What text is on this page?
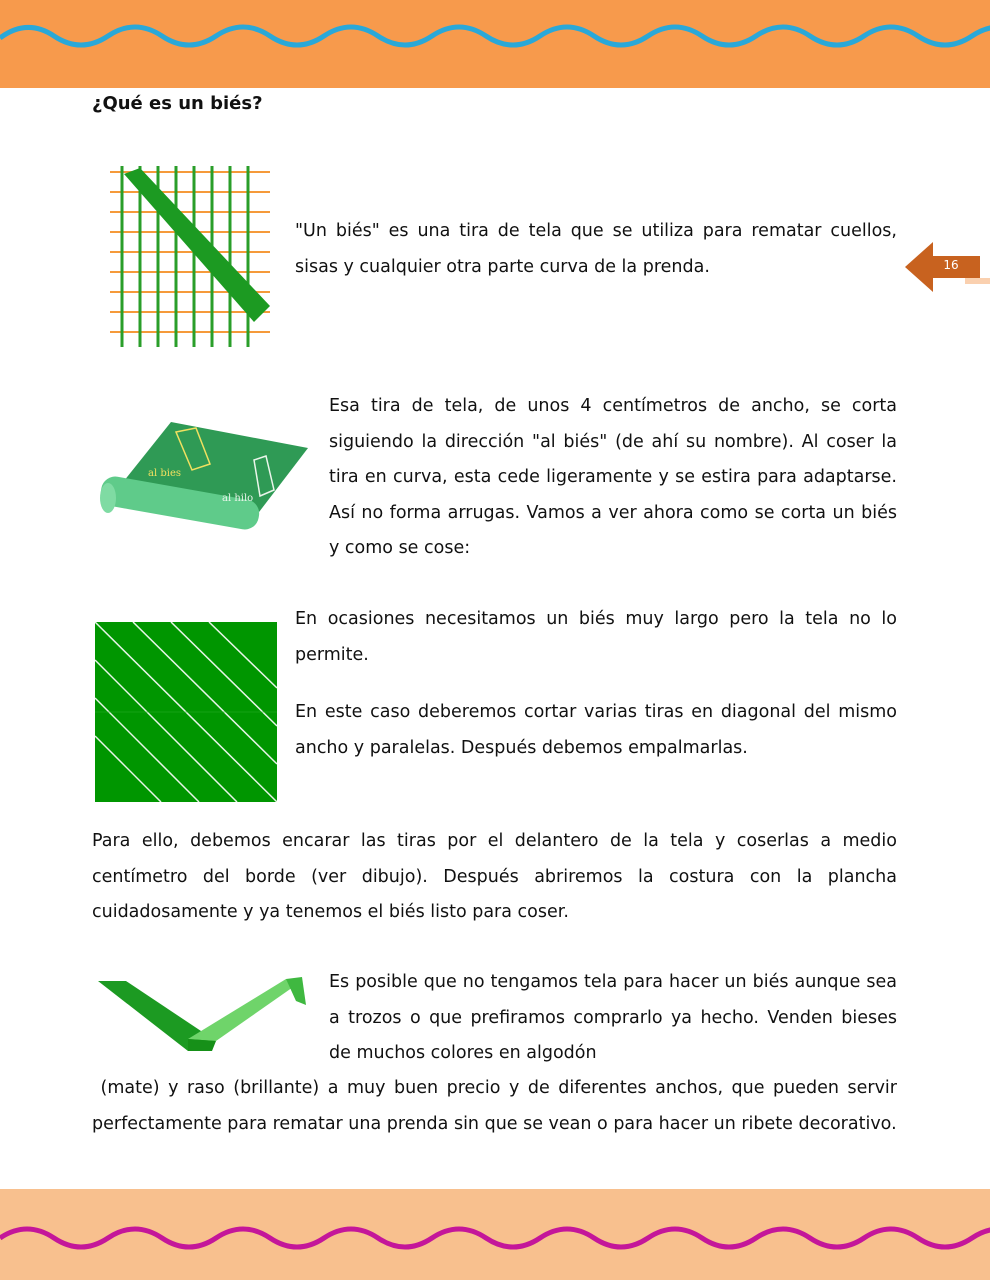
¿Qué es un biés?
16

"Un biés" es una tira de tela que se utiliza para rematar cuellos, sisas y cualquier otra parte curva de la prenda.

al bies
al hilo

Esa tira de tela, de unos 4 centímetros de ancho, se corta siguiendo la dirección "al biés" (de ahí su nombre). Al coser la tira en curva, esta cede ligeramente y se estira para adaptarse. Así no forma arrugas. Vamos a ver ahora como se corta un biés y como se cose:

En ocasiones necesitamos un biés muy largo pero la tela no lo permite.

En este caso deberemos cortar varias tiras en diagonal del mismo ancho y paralelas. Después debemos empalmarlas.

Para ello, debemos encarar las tiras por el delantero de la tela y coserlas a medio centímetro del borde (ver dibujo). Después abriremos la costura con la plancha cuidadosamente y ya tenemos el biés listo para coser.

Es posible que no tengamos tela para hacer un biés aunque sea a trozos o que prefiramos comprarlo ya hecho. Venden bieses de muchos colores en algodón

(mate) y raso (brillante) a muy buen precio y de diferentes anchos, que pueden servir perfectamente para rematar una prenda sin que se vean o para hacer un ribete decorativo.
